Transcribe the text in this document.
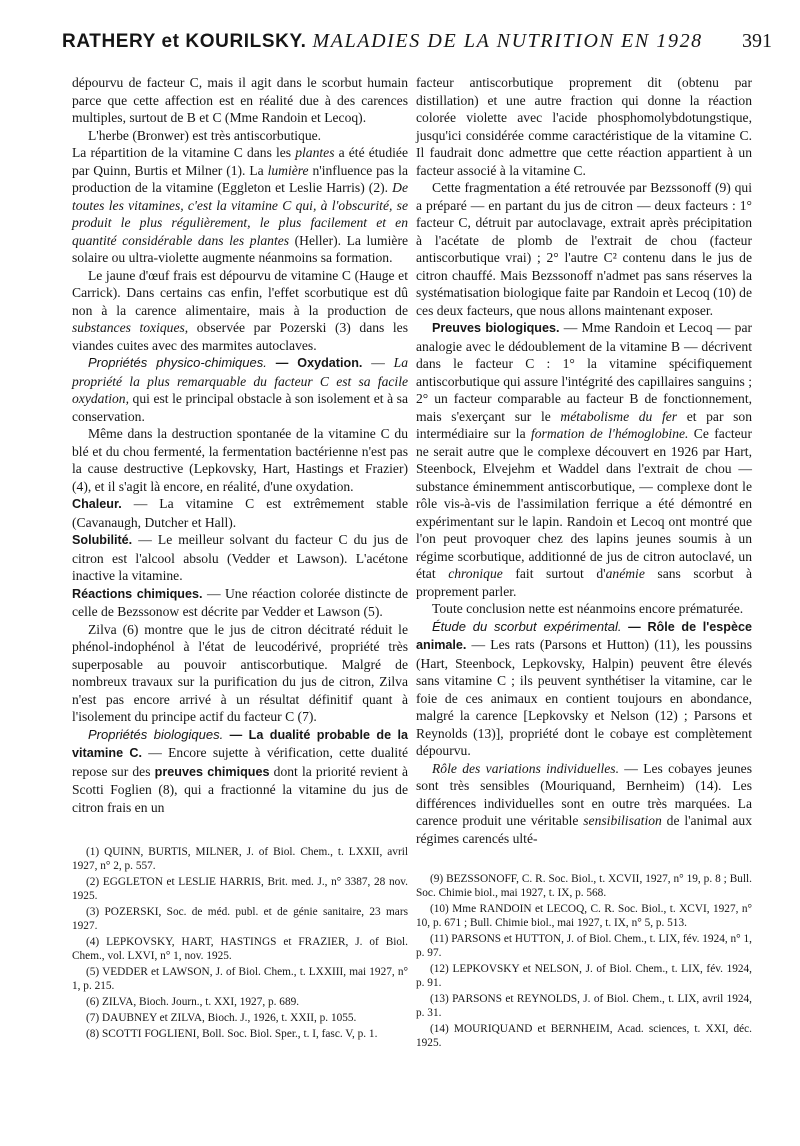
RATHERY et KOURILSKY. MALADIES DE LA NUTRITION EN 1928 391

dépourvu de facteur C, mais il agit dans le scorbut humain parce que cette affection est en réalité due à des carences multiples, surtout de B et C (Mme Randoin et Lecoq).

L'herbe (Bronwer) est très antiscorbutique.

La répartition de la vitamine C dans les plantes a été étudiée par Quinn, Burtis et Milner (1). La lumière n'influence pas la production de la vitamine (Eggleton et Leslie Harris) (2). De toutes les vitamines, c'est la vitamine C qui, à l'obscurité, se produit le plus régulièrement, le plus facilement et en quantité considérable dans les plantes (Heller). La lumière solaire ou ultra-violette augmente néanmoins sa formation.

Le jaune d'œuf frais est dépourvu de vitamine C (Hauge et Carrick). Dans certains cas enfin, l'effet scorbutique est dû non à la carence alimentaire, mais à la production de substances toxiques, observée par Pozerski (3) dans les viandes cuites avec des marmites autoclaves.

Propriétés physico-chimiques. — Oxydation. — La propriété la plus remarquable du facteur C est sa facile oxydation, qui est le principal obstacle à son isolement et à sa conservation.

Même dans la destruction spontanée de la vitamine C du blé et du chou fermenté, la fermentation bactérienne n'est pas la cause destructive (Lepkovsky, Hart, Hastings et Frazier) (4), et il s'agit là encore, en réalité, d'une oxydation.

Chaleur. — La vitamine C est extrêmement stable (Cavanaugh, Dutcher et Hall).

Solubilité. — Le meilleur solvant du facteur C du jus de citron est l'alcool absolu (Vedder et Lawson). L'acétone inactive la vitamine.

Réactions chimiques. — Une réaction colorée distincte de celle de Bezssonow est décrite par Vedder et Lawson (5).

Zilva (6) montre que le jus de citron décitraté réduit le phénol-indophénol à l'état de leucodérivé, propriété très superposable au pouvoir antiscorbutique. Malgré de nombreux travaux sur la purification du jus de citron, Zilva n'est pas encore arrivé à un résultat définitif quant à l'isolement du principe actif du facteur C (7).

Propriétés biologiques. — La dualité probable de la vitamine C. — Encore sujette à vérification, cette dualité repose sur des preuves chimiques dont la priorité revient à Scotti Foglien (8), qui a fractionné la vitamine du jus de citron frais en un

facteur antiscorbutique proprement dit (obtenu par distillation) et une autre fraction qui donne la réaction colorée violette avec l'acide phosphomolybdotungstique, jusqu'ici considérée comme caractéristique de la vitamine C. Il faudrait donc admettre que cette réaction appartient à un facteur associé à la vitamine C.

Cette fragmentation a été retrouvée par Bezssonoff (9) qui a préparé — en partant du jus de citron — deux facteurs : 1° facteur C, détruit par autoclavage, extrait après précipitation à l'acétate de plomb de l'extrait de chou (facteur antiscorbutique vrai) ; 2° l'autre C² contenu dans le jus de citron chauffé. Mais Bezssonoff n'admet pas sans réserves la systématisation biologique faite par Randoin et Lecoq (10) de ces deux facteurs, que nous allons maintenant exposer.

Preuves biologiques. — Mme Randoin et Lecoq — par analogie avec le dédoublement de la vitamine B — décrivent dans le facteur C : 1° la vitamine spécifiquement antiscorbutique qui assure l'intégrité des capillaires sanguins ; 2° un facteur comparable au facteur B de fonctionnement, mais s'exerçant sur le métabolisme du fer et par son intermédiaire sur la formation de l'hémoglobine. Ce facteur ne serait autre que le complexe découvert en 1926 par Hart, Steenbock, Elvejehm et Waddel dans l'extrait de chou — substance éminemment antiscorbutique, — complexe dont le rôle vis-à-vis de l'assimilation ferrique a été démontré en expérimentant sur le lapin. Randoin et Lecoq ont montré que l'on peut provoquer chez des lapins jeunes soumis à un régime scorbutique, additionné de jus de citron autoclavé, un état chronique fait surtout d'anémie sans scorbut à proprement parler.

Toute conclusion nette est néanmoins encore prématurée.

Étude du scorbut expérimental. — Rôle de l'espèce animale. — Les rats (Parsons et Hutton) (11), les poussins (Hart, Steenbock, Lepkovsky, Halpin) peuvent être élevés sans vitamine C ; ils peuvent synthétiser la vitamine, car le foie de ces animaux en contient toujours en abondance, malgré la carence [Lepkovsky et Nelson (12) ; Parsons et Reynolds (13)], propriété dont le cobaye est complètement dépourvu.

Rôle des variations individuelles. — Les cobayes jeunes sont très sensibles (Mouriquand, Bernheim) (14). Les différences individuelles sont en outre très marquées. La carence produit une véritable sensibilisation de l'animal aux régimes carencés ulté-

(1) QUINN, BURTIS, MILNER, J. of Biol. Chem., t. LXXII, avril 1927, n° 2, p. 557.

(2) EGGLETON et LESLIE HARRIS, Brit. med. J., n° 3387, 28 nov. 1925.

(3) POZERSKI, Soc. de méd. publ. et de génie sanitaire, 23 mars 1927.

(4) LEPKOVSKY, HART, HASTINGS et FRAZIER, J. of Biol. Chem., vol. LXVI, n° 1, nov. 1925.

(5) VEDDER et LAWSON, J. of Biol. Chem., t. LXXIII, mai 1927, n° 1, p. 215.

(6) ZILVA, Bioch. Journ., t. XXI, 1927, p. 689.

(7) DAUBNEY et ZILVA, Bioch. J., 1926, t. XXII, p. 1055.

(8) SCOTTI FOGLIENI, Boll. Soc. Biol. Sper., t. I, fasc. V, p. 1.

(9) BEZSSONOFF, C. R. Soc. Biol., t. XCVII, 1927, n° 19, p. 8 ; Bull. Soc. Chimie biol., mai 1927, t. IX, p. 568.

(10) Mme RANDOIN et LECOQ, C. R. Soc. Biol., t. XCVI, 1927, n° 10, p. 671 ; Bull. Chimie biol., mai 1927, t. IX, n° 5, p. 513.

(11) PARSONS et HUTTON, J. of Biol. Chem., t. LIX, fév. 1924, n° 1, p. 97.

(12) LEPKOVSKY et NELSON, J. of Biol. Chem., t. LIX, fév. 1924, p. 91.

(13) PARSONS et REYNOLDS, J. of Biol. Chem., t. LIX, avril 1924, p. 31.

(14) MOURIQUAND et BERNHEIM, Acad. sciences, t. XXI, déc. 1925.
